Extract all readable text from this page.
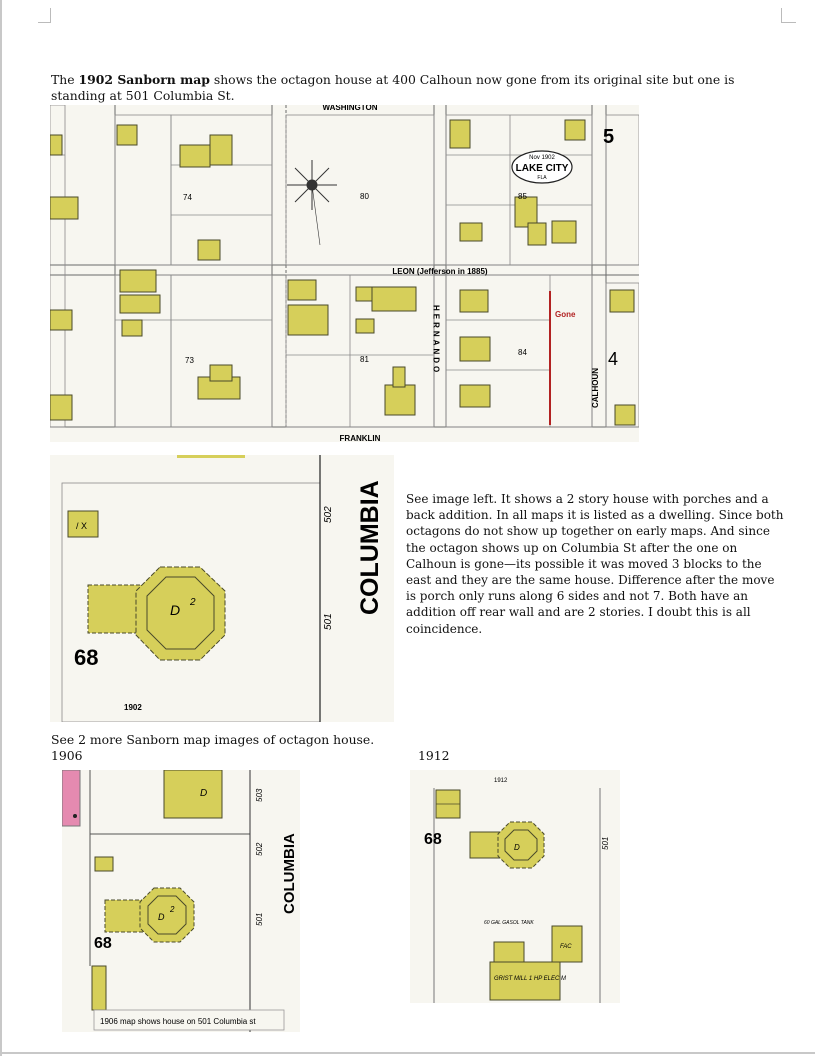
The 1902 Sanborn map shows the octagon house at 400 Calhoun now gone from its original site but one is standing at 501 Columbia St.
Nov 1902
LAKE CITY
FLA
WASHINGTON
LEON (Jefferson in 1885)
FRANKLIN
HERNANDO
CALHOUN
74	80	85
73	81
84
5
4
Gone
/ X
D 2
68
1902
502
501
COLUMBIA See image left. It shows a 2 story house with porches and a back addition. In all maps it is listed as a dwelling. Since both octagons do not show up together on early maps. And since the octagon shows up on Columbia St after the one on Calhoun is gone—its possible it was moved 3 blocks to the east and they are the same house. Difference after the move is porch only runs along 6 sides and not 7. Both have an addition off rear wall and are 2 stories. I doubt this is all coincidence.
See 2 more Sanborn map images of octagon house.
1906	1912
D
D
2
68
503
502
501
COLUMBIA
1906 map shows house on 501 Columbia st
1912
D
68	501
60 GAL GASOL TANK
FAC
GRIST MILL 1 HP ELEC M
